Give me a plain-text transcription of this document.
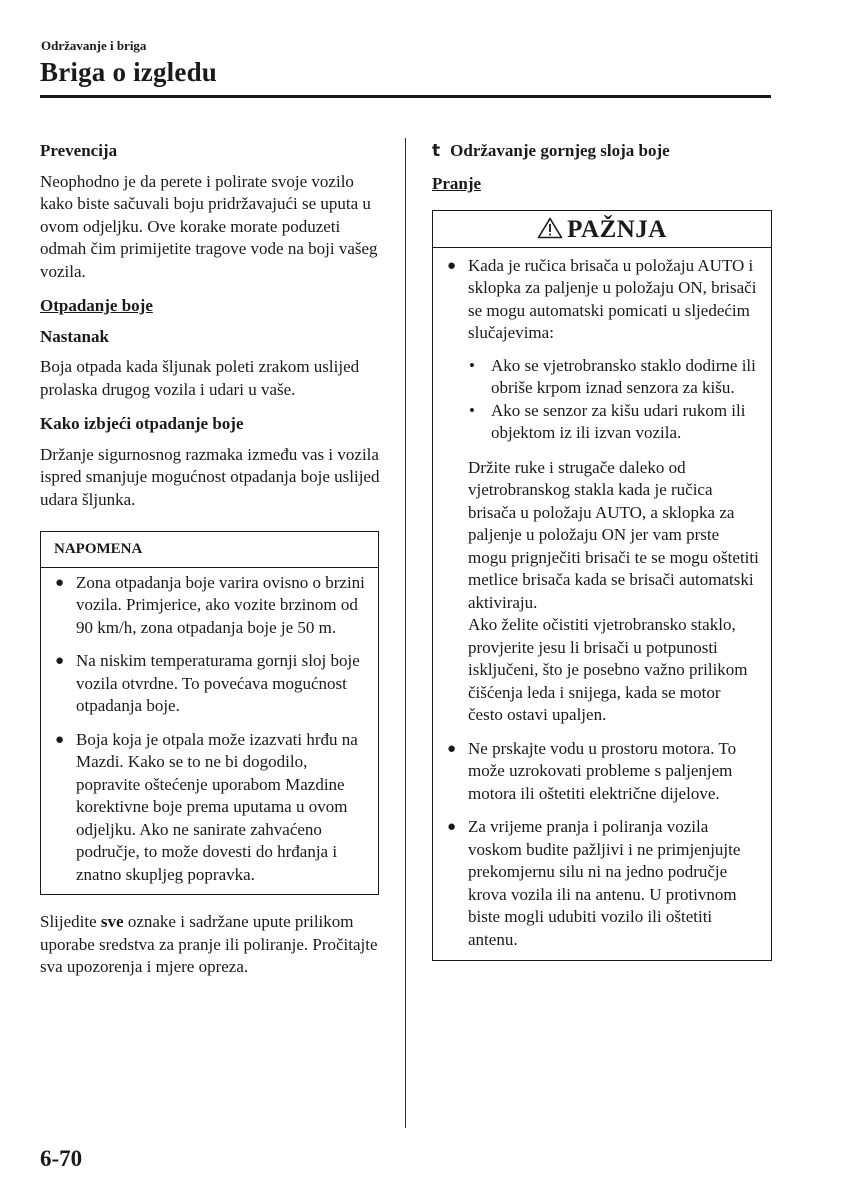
Održavanje i briga
Briga o izgledu
Prevencija

Neophodno je da perete i polirate svoje vozilo kako biste sačuvali boju pridržavajući se uputa u ovom odjeljku. Ove korake morate poduzeti odmah čim primijetite tragove vode na boji vašeg vozila.

Otpadanje boje
Nastanak

Boja otpada kada šljunak poleti zrakom uslijed prolaska drugog vozila i udari u vaše.

Kako izbjeći otpadanje boje

Držanje sigurnosnog razmaka između vas i vozila ispred smanjuje mogućnost otpadanja boje uslijed udara šljunka.

NAPOMENA
● Zona otpadanja boje varira ovisno o brzini vozila. Primjerice, ako vozite brzinom od 90 km/h, zona otpadanja boje je 50 m.
● Na niskim temperaturama gornji sloj boje vozila otvrdne. To povećava mogućnost otpadanja boje.
● Boja koja je otpala može izazvati hrđu na Mazdi. Kako se to ne bi dogodilo, popravite oštećenje uporabom Mazdine korektivne boje prema uputama u ovom odjeljku. Ako ne sanirate zahvaćeno područje, to može dovesti do hrđanja i znatno skupljeg popravka.

Slijedite sve oznake i sadržane upute prilikom uporabe sredstva za pranje ili poliranje. Pročitajte sva upozorenja i mjere opreza.

t Održavanje gornjeg sloja boje
Pranje
PAŽNJA
● Kada je ručica brisača u položaju AUTO i sklopka za paljenje u položaju ON, brisači se mogu automatski pomicati u sljedećim slučajevima:
• Ako se vjetrobransko staklo dodirne ili obriše krpom iznad senzora za kišu.
• Ako se senzor za kišu udari rukom ili objektom iz ili izvan vozila.

Držite ruke i strugače daleko od vjetrobranskog stakla kada je ručica brisača u položaju AUTO, a sklopka za paljenje u položaju ON jer vam prste mogu prignječiti brisači te se mogu oštetiti metlice brisača kada se brisači automatski aktiviraju.

Ako želite očistiti vjetrobransko staklo, provjerite jesu li brisači u potpunosti isključeni, što je posebno važno prilikom čišćenja leda i snijega, kada se motor često ostavi upaljen.

● Ne prskajte vodu u prostoru motora. To može uzrokovati probleme s paljenjem motora ili oštetiti električne dijelove.
● Za vrijeme pranja i poliranja vozila voskom budite pažljivi i ne primjenjujte prekomjernu silu ni na jedno područje krova vozila ili na antenu. U protivnom biste mogli udubiti vozilo ili oštetiti antenu.
6-70
